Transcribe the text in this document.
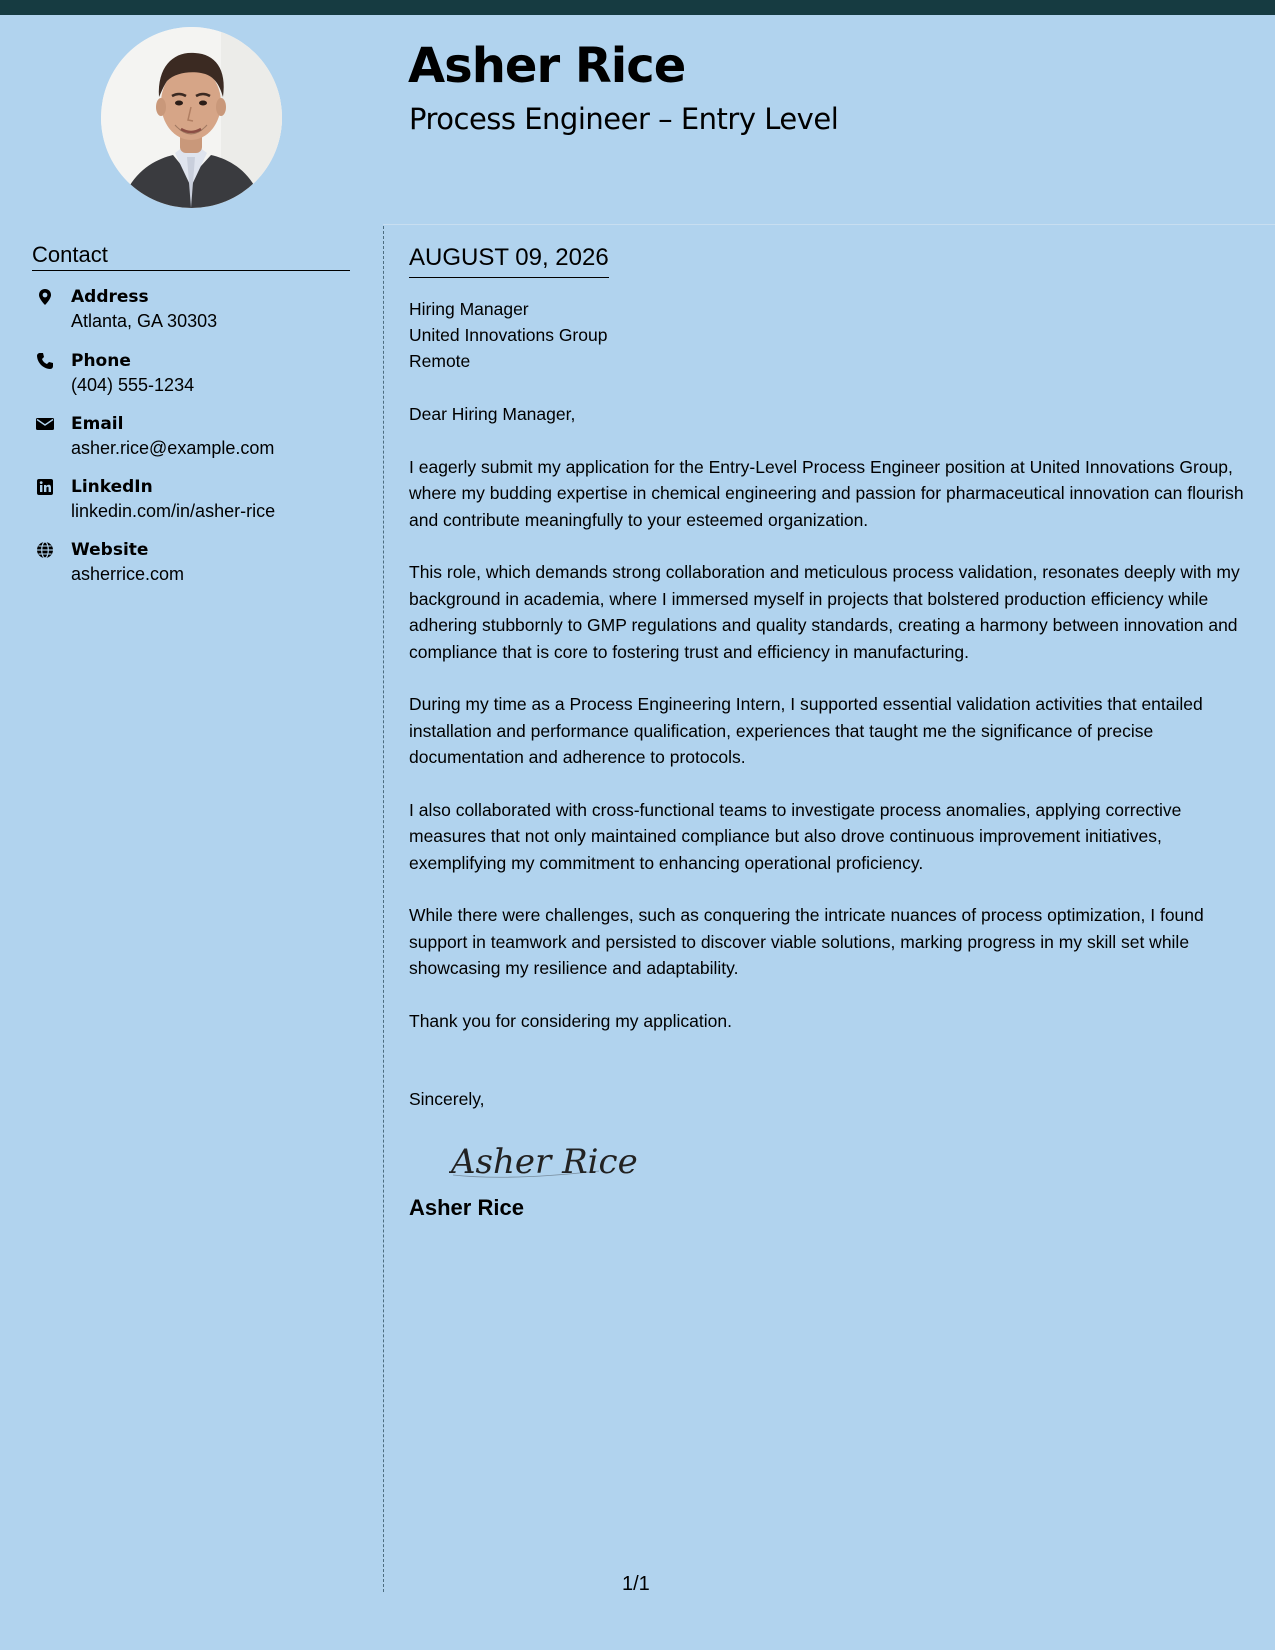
Asher Rice
Process Engineer – Entry Level
Contact
Address
Atlanta, GA 30303
Phone
(404) 555-1234
Email
asher.rice@example.com
LinkedIn
linkedin.com/in/asher-rice
Website
asherrice.com
AUGUST 09, 2026
Hiring Manager
United Innovations Group
Remote
Dear Hiring Manager,

I eagerly submit my application for the Entry-Level Process Engineer position at United Innovations Group, where my budding expertise in chemical engineering and passion for pharmaceutical innovation can flourish and contribute meaningfully to your esteemed organization.

This role, which demands strong collaboration and meticulous process validation, resonates deeply with my background in academia, where I immersed myself in projects that bolstered production efficiency while adhering stubbornly to GMP regulations and quality standards, creating a harmony between innovation and compliance that is core to fostering trust and efficiency in manufacturing.

During my time as a Process Engineering Intern, I supported essential validation activities that entailed installation and performance qualification, experiences that taught me the significance of precise documentation and adherence to protocols.

I also collaborated with cross-functional teams to investigate process anomalies, applying corrective measures that not only maintained compliance but also drove continuous improvement initiatives, exemplifying my commitment to enhancing operational proficiency.

While there were challenges, such as conquering the intricate nuances of process optimization, I found support in teamwork and persisted to discover viable solutions, marking progress in my skill set while showcasing my resilience and adaptability.

Thank you for considering my application.
Sincerely,
Asher Rice
Asher Rice
1/1
